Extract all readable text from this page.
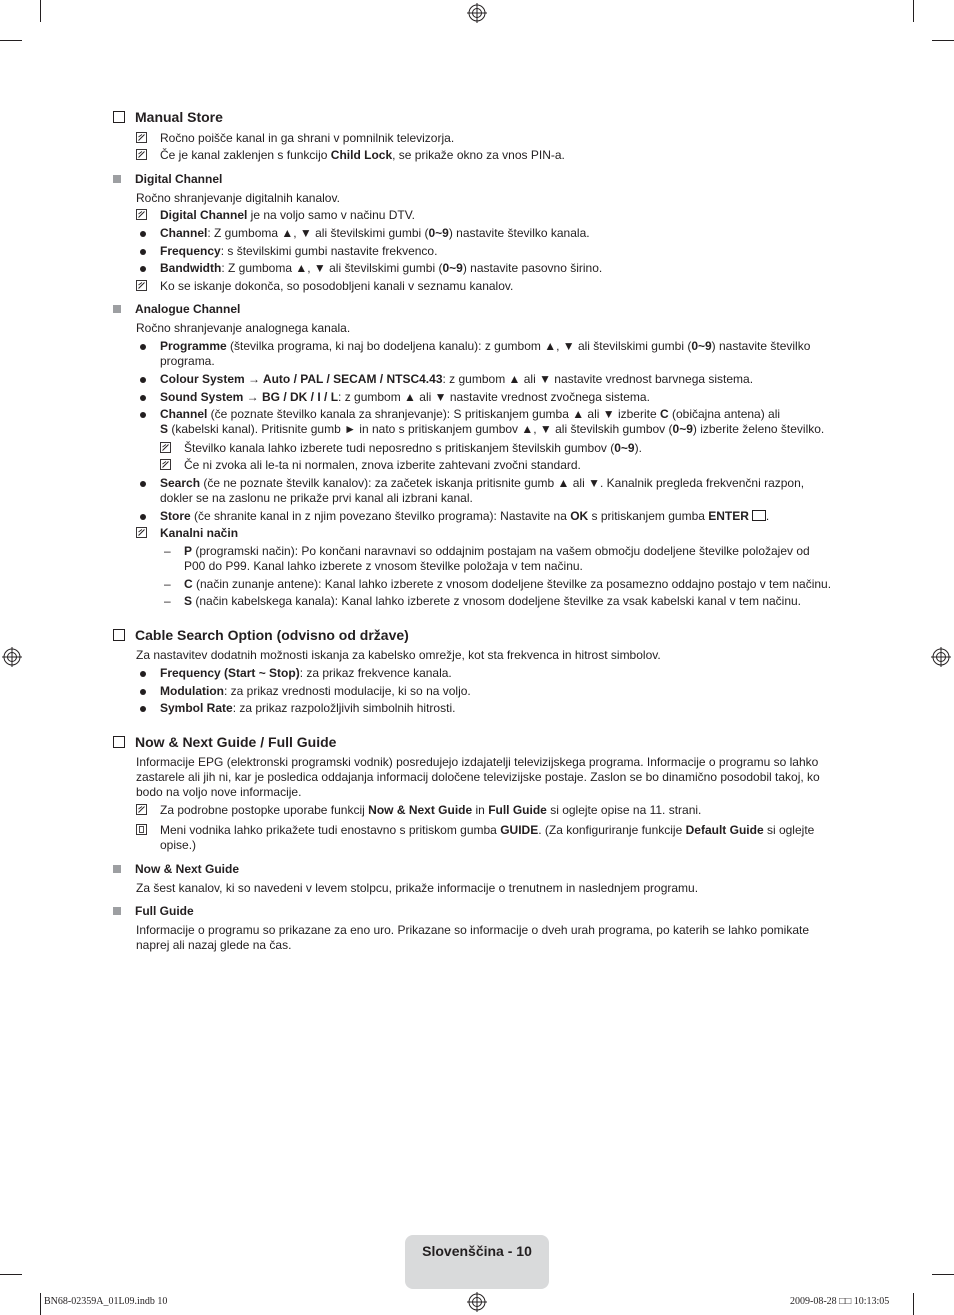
Manual Store
Ročno poišče kanal in ga shrani v pomnilnik televizorja.
Če je kanal zaklenjen s funkcijo Child Lock, se prikaže okno za vnos PIN-a.
Digital Channel
Ročno shranjevanje digitalnih kanalov.
Digital Channel je na voljo samo v načinu DTV.
Channel: Z gumboma ▲, ▼ ali številskimi gumbi (0~9) nastavite številko kanala.
Frequency: s številskimi gumbi nastavite frekvenco.
Bandwidth: Z gumboma ▲, ▼ ali številskimi gumbi (0~9) nastavite pasovno širino.
Ko se iskanje dokonča, so posodobljeni kanali v seznamu kanalov.
Analogue Channel
Ročno shranjevanje analognega kanala.
Programme (številka programa, ki naj bo dodeljena kanalu): z gumbom ▲, ▼ ali številskimi gumbi (0~9) nastavite številko
programa.
Colour System → Auto / PAL / SECAM / NTSC4.43: z gumbom ▲ ali ▼ nastavite vrednost barvnega sistema.
Sound System → BG / DK / I / L: z gumbom ▲ ali ▼ nastavite vrednost zvočnega sistema.
Channel (če poznate številko kanala za shranjevanje): S pritiskanjem gumba ▲ ali ▼ izberite C (običajna antena) ali
S (kabelski kanal). Pritisnite gumb ► in nato s pritiskanjem gumbov ▲, ▼ ali številskih gumbov (0~9) izberite želeno številko.
Številko kanala lahko izberete tudi neposredno s pritiskanjem številskih gumbov (0~9).
Če ni zvoka ali le-ta ni normalen, znova izberite zahtevani zvočni standard.
Search (če ne poznate številk kanalov): za začetek iskanja pritisnite gumb ▲ ali ▼. Kanalnik pregleda frekvenčni razpon,
dokler se na zaslonu ne prikaže prvi kanal ali izbrani kanal.
Store (če shranite kanal in z njim povezano številko programa): Nastavite na OK s pritiskanjem gumba ENTER .
Kanalni način
– P (programski način): Po končani naravnavi so oddajnim postajam na vašem območju dodeljene številke položajev od
P00 do P99. Kanal lahko izberete z vnosom številke položaja v tem načinu.
– C (način zunanje antene): Kanal lahko izberete z vnosom dodeljene številke za posamezno oddajno postajo v tem načinu.
– S (način kabelskega kanala): Kanal lahko izberete z vnosom dodeljene številke za vsak kabelski kanal v tem načinu.
Cable Search Option (odvisno od države)
Za nastavitev dodatnih možnosti iskanja za kabelsko omrežje, kot sta frekvenca in hitrost simbolov.
Frequency (Start ~ Stop): za prikaz frekvence kanala.
Modulation: za prikaz vrednosti modulacije, ki so na voljo.
Symbol Rate: za prikaz razpoložljivih simbolnih hitrosti.
Now & Next Guide / Full Guide
Informacije EPG (elektronski programski vodnik) posredujejo izdajatelji televizijskega programa. Informacije o programu so lahko
zastarele ali jih ni, kar je posledica oddajanja informacij določene televizijske postaje. Zaslon se bo dinamično posodobil takoj, ko
bodo na voljo nove informacije.
Za podrobne postopke uporabe funkcij Now & Next Guide in Full Guide si oglejte opise na 11. strani.
Meni vodnika lahko prikažete tudi enostavno s pritiskom gumba GUIDE. (Za konfiguriranje funkcije Default Guide si oglejte
opise.)
Now & Next Guide
Za šest kanalov, ki so navedeni v levem stolpcu, prikaže informacije o trenutnem in naslednjem programu.
Full Guide
Informacije o programu so prikazane za eno uro. Prikazane so informacije o dveh urah programa, po katerih se lahko pomikate
naprej ali nazaj glede na čas.
Slovenščina - 10
BN68-02359A_01L09.indb 10	2009-08-28 □□ 10:13:05
